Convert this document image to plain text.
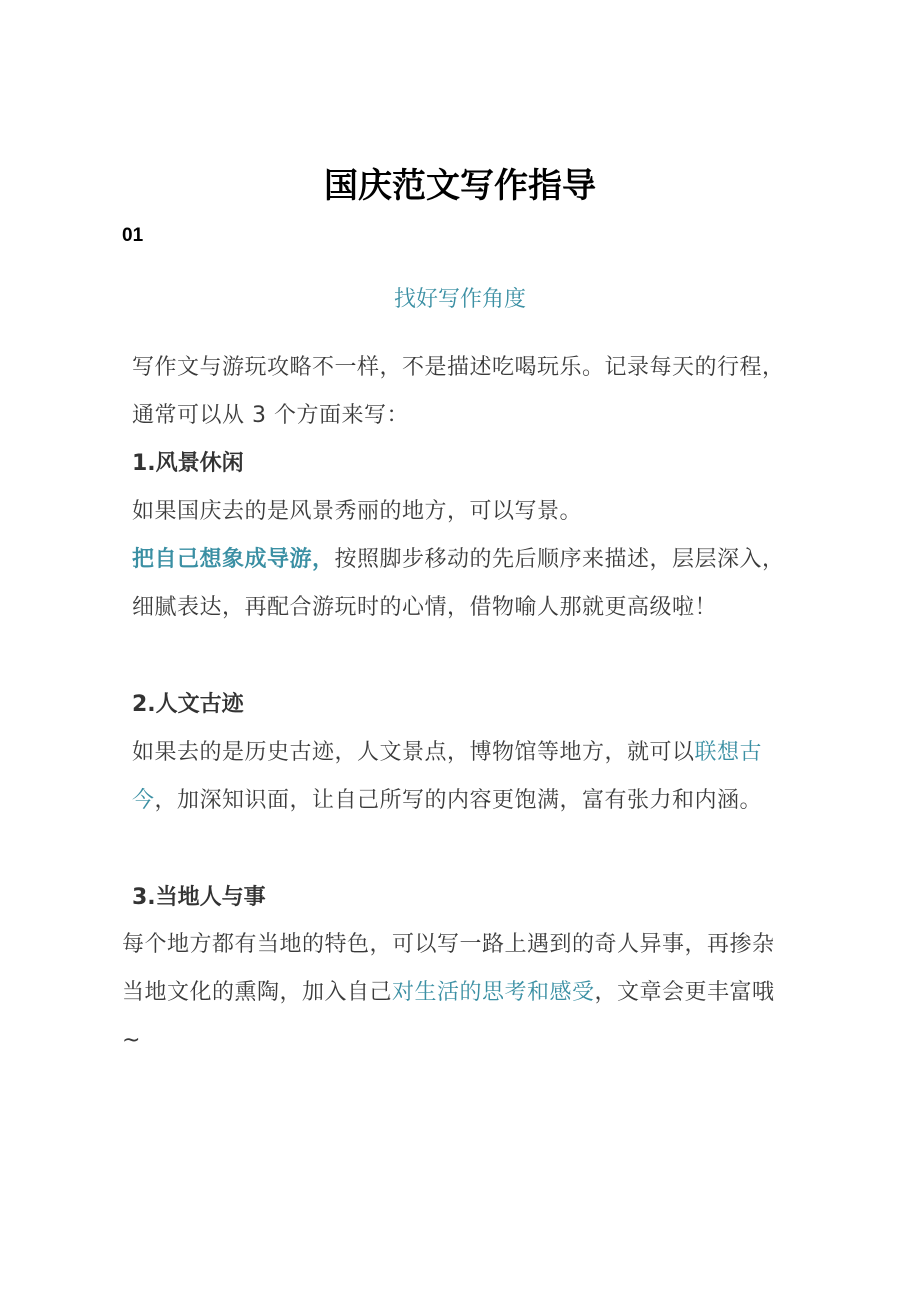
国庆范文写作指导
01
找好写作角度
写作文与游玩攻略不一样，不是描述吃喝玩乐。记录每天的行程，通常可以从 3 个方面来写：
1.风景休闲
如果国庆去的是风景秀丽的地方，可以写景。
把自己想象成导游，按照脚步移动的先后顺序来描述，层层深入，细腻表达，再配合游玩时的心情，借物喻人那就更高级啦！
2.人文古迹
如果去的是历史古迹，人文景点，博物馆等地方，就可以联想古今，加深知识面，让自己所写的内容更饱满，富有张力和内涵。
3.当地人与事
每个地方都有当地的特色，可以写一路上遇到的奇人异事，再掺杂当地文化的熏陶，加入自己对生活的思考和感受，文章会更丰富哦~
